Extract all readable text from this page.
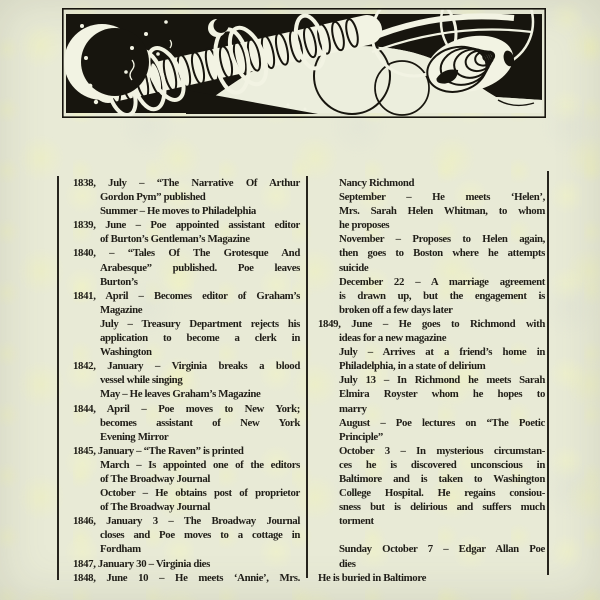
1838, July – “The Narrative Of Arthur
Gordon Pym” published
Summer – He moves to Philadelphia
1839, June – Poe appointed assistant editor
of Burton’s Gentleman’s Magazine
1840, – “Tales Of The Grotesque And
Arabesque” published. Poe leaves
Burton’s
1841, April – Becomes editor of Graham’s
Magazine
July – Treasury Department rejects his
application to become a clerk in
Washington
1842, January – Virginia breaks a blood
vessel while singing
May – He leaves Graham’s Magazine
1844, April – Poe moves to New York;
becomes assistant of New York
Evening Mirror
1845, January – “The Raven” is printed
March – Is appointed one of the editors
of The Broadway Journal
October – He obtains post of proprietor
of The Broadway Journal
1846, January 3 – The Broadway Journal
closes and Poe moves to a cottage in
Fordham
1847, January 30 – Virginia dies
1848, June 10 – He meets ‘Annie’, Mrs.
Nancy Richmond
September – He meets ‘Helen’,
Mrs. Sarah Helen Whitman, to whom
he proposes
November – Proposes to Helen again,
then goes to Boston where he attempts
suicide
December 22 – A marriage agreement
is drawn up, but the engagement is
broken off a few days later
1849, June – He goes to Richmond with
ideas for a new magazine
July – Arrives at a friend’s home in
Philadelphia, in a state of delirium
July 13 – In Richmond he meets Sarah
Elmira Royster whom he hopes to
marry
August – Poe lectures on “The Poetic
Principle”
October 3 – In mysterious circumstan-
ces he is discovered unconscious in
Baltimore and is taken to Washington
College Hospital. He regains consiou-
sness but is delirious and suffers much
torment

Sunday October 7 – Edgar Allan Poe
dies
He is buried in Baltimore
